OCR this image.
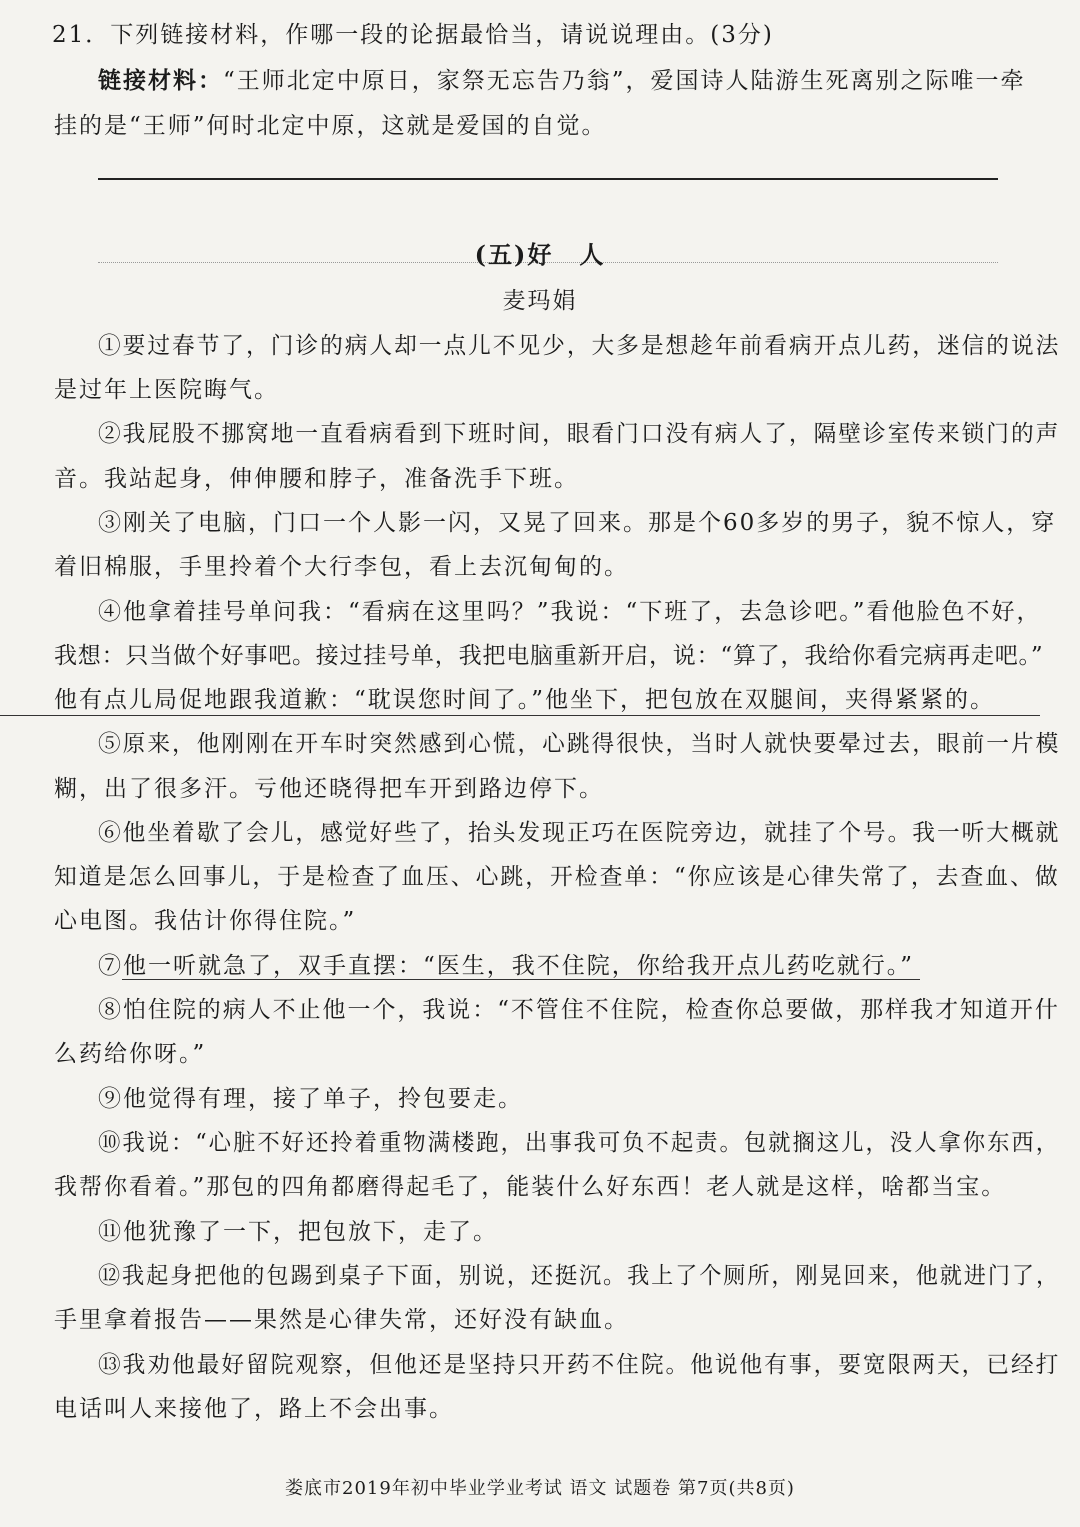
21．下列链接材料，作哪一段的论据最恰当，请说说理由。(3分)
链接材料：“王师北定中原日，家祭无忘告乃翁”，爱国诗人陆游生死离别之际唯一牵
挂的是“王师”何时北定中原，这就是爱国的自觉。
(五)好　人
麦玛娟
①要过春节了，门诊的病人却一点儿不见少，大多是想趁年前看病开点儿药，迷信的说法
是过年上医院晦气。
②我屁股不挪窝地一直看病看到下班时间，眼看门口没有病人了，隔壁诊室传来锁门的声
音。我站起身，伸伸腰和脖子，准备洗手下班。
③刚关了电脑，门口一个人影一闪，又晃了回来。那是个60多岁的男子，貌不惊人，穿
着旧棉服，手里拎着个大行李包，看上去沉甸甸的。
④他拿着挂号单问我：“看病在这里吗？”我说：“下班了，去急诊吧。”看他脸色不好，
我想：只当做个好事吧。接过挂号单，我把电脑重新开启，说：“算了，我给你看完病再走吧。”
他有点儿局促地跟我道歉：“耽误您时间了。”他坐下，把包放在双腿间，夹得紧紧的。
⑤原来，他刚刚在开车时突然感到心慌，心跳得很快，当时人就快要晕过去，眼前一片模
糊，出了很多汗。亏他还晓得把车开到路边停下。
⑥他坐着歇了会儿，感觉好些了，抬头发现正巧在医院旁边，就挂了个号。我一听大概就
知道是怎么回事儿，于是检查了血压、心跳，开检查单：“你应该是心律失常了，去查血、做
心电图。我估计你得住院。”
⑦他一听就急了，双手直摆：“医生，我不住院，你给我开点儿药吃就行。”
⑧怕住院的病人不止他一个，我说：“不管住不住院，检查你总要做，那样我才知道开什
么药给你呀。”
⑨他觉得有理，接了单子，拎包要走。
⑩我说：“心脏不好还拎着重物满楼跑，出事我可负不起责。包就搁这儿，没人拿你东西，
我帮你看着。”那包的四角都磨得起毛了，能装什么好东西！老人就是这样，啥都当宝。
⑪他犹豫了一下，把包放下，走了。
⑫我起身把他的包踢到桌子下面，别说，还挺沉。我上了个厕所，刚晃回来，他就进门了，
手里拿着报告——果然是心律失常，还好没有缺血。
⑬我劝他最好留院观察，但他还是坚持只开药不住院。他说他有事，要宽限两天，已经打
电话叫人来接他了，路上不会出事。
娄底市2019年初中毕业学业考试 语文 试题卷 第7页(共8页)
